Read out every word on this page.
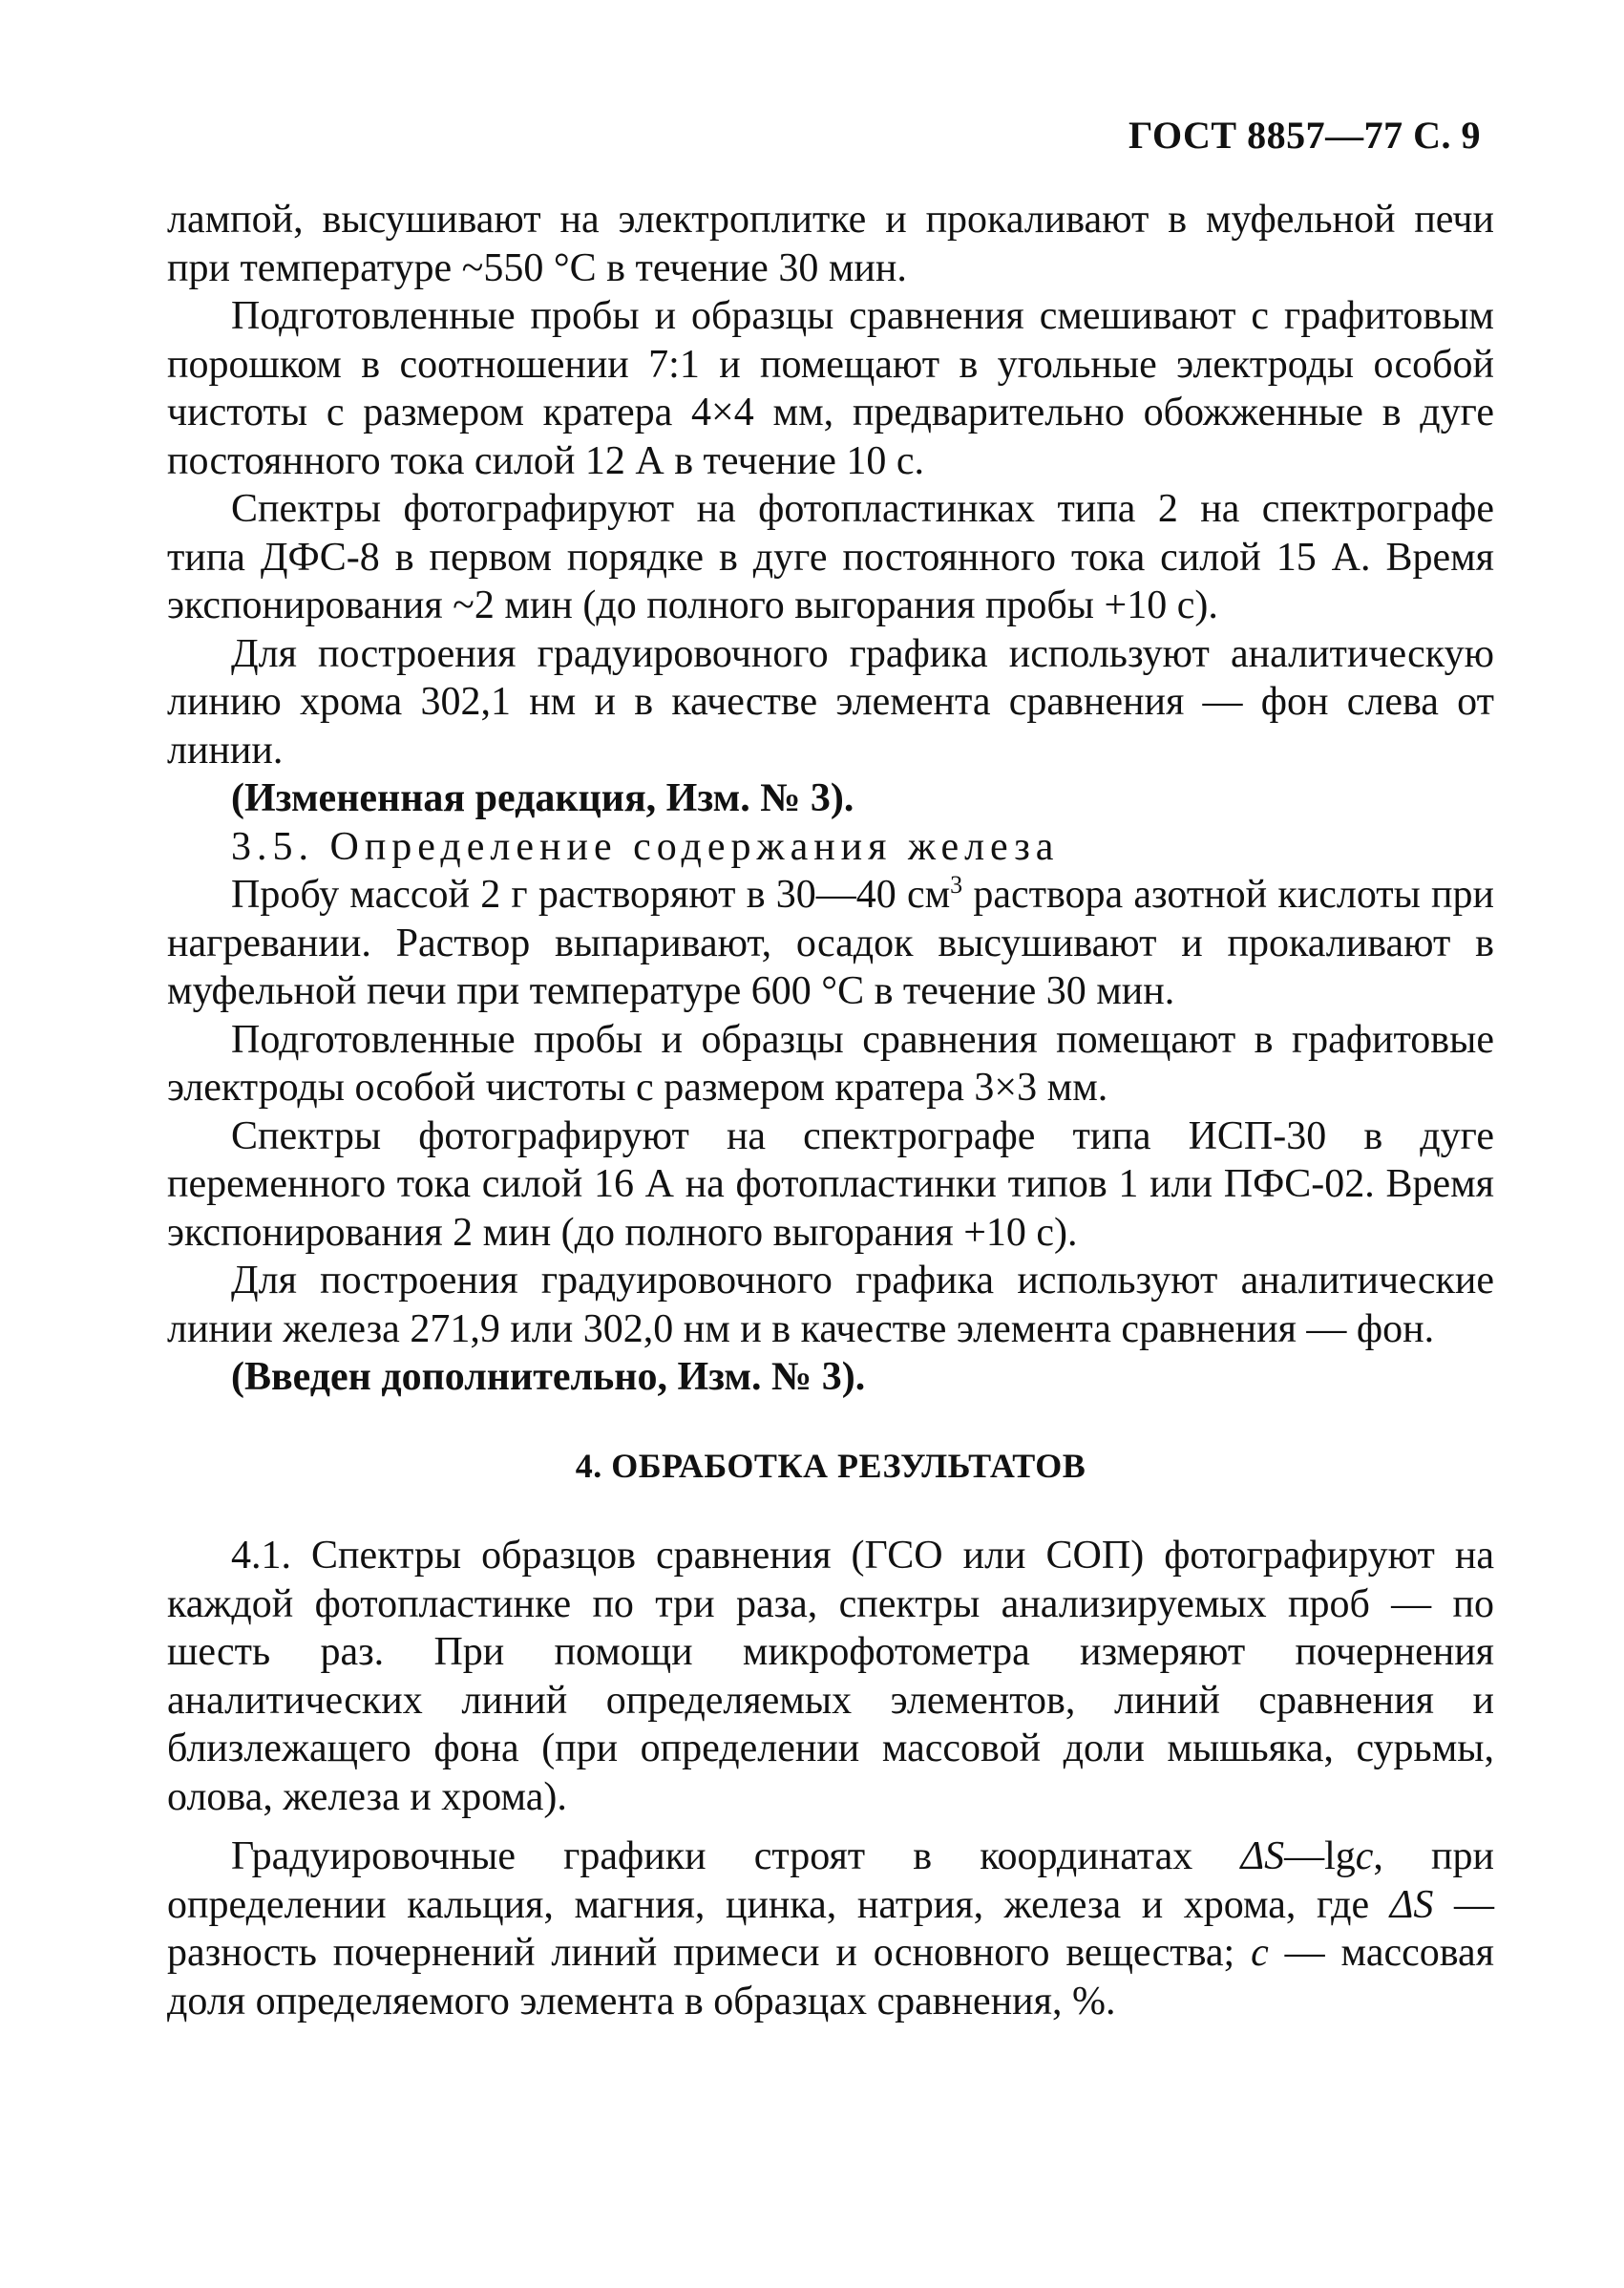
ГОСТ 8857—77 С. 9

лампой, высушивают на электроплитке и прокаливают в муфельной печи при температуре ~550 °С в течение 30 мин.

Подготовленные пробы и образцы сравнения смешивают с графитовым порошком в соотношении 7:1 и помещают в угольные электроды особой чистоты с размером кратера 4×4 мм, предварительно обожженные в дуге постоянного тока силой 12 А в течение 10 с.

Спектры фотографируют на фотопластинках типа 2 на спектрографе типа ДФС-8 в первом порядке в дуге постоянного тока силой 15 А. Время экспонирования ~2 мин (до полного выгорания пробы +10 с).

Для построения градуировочного графика используют аналитическую линию хрома 302,1 нм и в качестве элемента сравнения — фон слева от линии.

(Измененная редакция, Изм. № 3).

3.5. Определение содержания железа

Пробу массой 2 г растворяют в 30—40 $см^3$ раствора азотной кислоты при нагревании. Раствор выпаривают, осадок высушивают и прокаливают в муфельной печи при температуре 600 °С в течение 30 мин.

Подготовленные пробы и образцы сравнения помещают в графитовые электроды особой чистоты с размером кратера 3×3 мм.

Спектры фотографируют на спектрографе типа ИСП-30 в дуге переменного тока силой 16 А на фотопластинки типов 1 или ПФС-02. Время экспонирования 2 мин (до полного выгорания +10 с).

Для построения градуировочного графика используют аналитические линии железа 271,9 или 302,0 нм и в качестве элемента сравнения — фон.

(Введен дополнительно, Изм. № 3).

4. ОБРАБОТКА РЕЗУЛЬТАТОВ

4.1. Спектры образцов сравнения (ГСО или СОП) фотографируют на каждой фотопластинке по три раза, спектры анализируемых проб — по шесть раз. При помощи микрофотометра измеряют почернения аналитических линий определяемых элементов, линий сравнения и близлежащего фона (при определении массовой доли мышьяка, сурьмы, олова, железа и хрома).

Градуировочные графики строят в координатах ΔS—lgc, при определении кальция, магния, цинка, натрия, железа и хрома, где ΔS — разность почернений линий примеси и основного вещества; c — массовая доля определяемого элемента в образцах сравнения, %.
